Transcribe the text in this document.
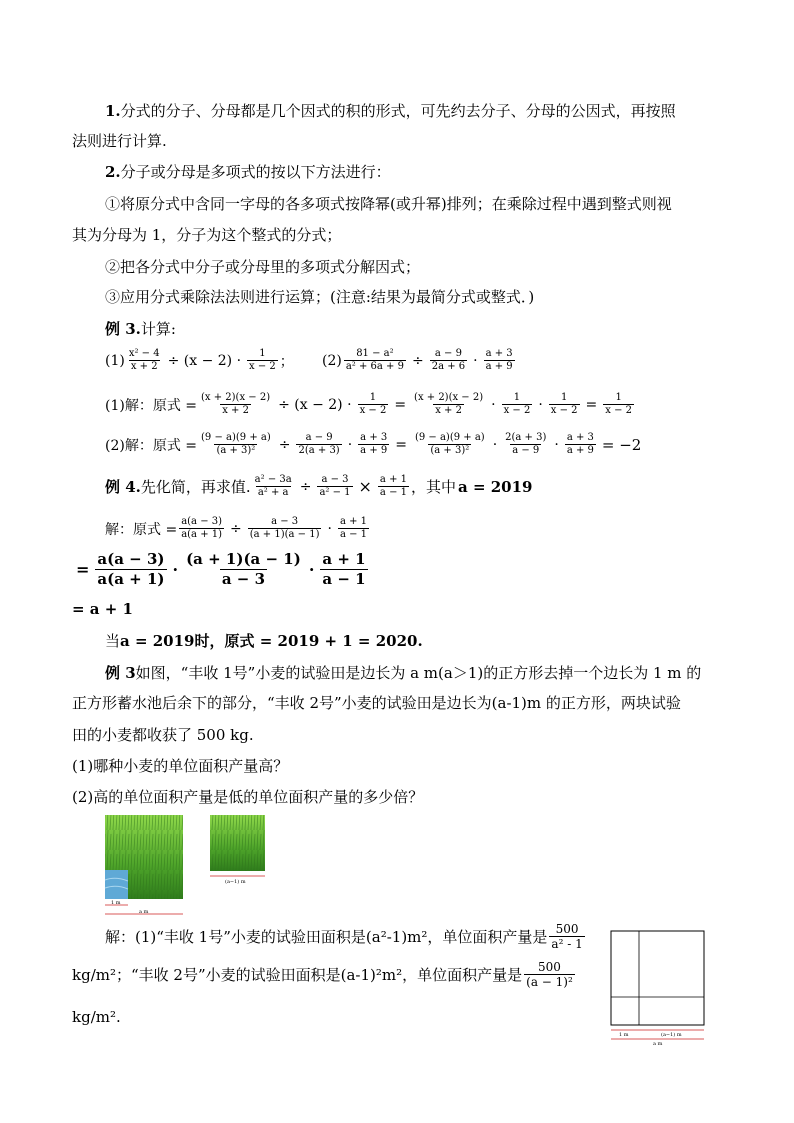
1.分式的分子、分母都是几个因式的积的形式，可先约去分子、分母的公因式，再按照
法则进行计算.
2.分子或分母是多项式的按以下方法进行：
①将原分式中含同一字母的各多项式按降幂(或升幂)排列；在乘除过程中遇到整式则视
其为分母为 1，分子为这个整式的分式；
②把各分式中分子或分母里的多项式分解因式；
③应用分式乘除法法则进行运算；(注意:结果为最简分式或整式．)
例 3.计算:
$(1) \frac{\text{x² − 4}}{x + 2} \div (x - 2) \cdot \frac{1}{x - 2}$ ； $(2) \frac{\text{81 − a²}}{\text{a² + 6a + 9}} \div \frac{a - 9}{2a + 6} \cdot \frac{a + 3}{a + 9}$
(1)解：原式 = $\frac{(x + 2)(x - 2)}{x + 2} \div (x - 2) \cdot \frac{1}{x - 2} = \frac{(x + 2)(x - 2)}{x + 2} \cdot \frac{1}{x - 2} \cdot \frac{1}{x - 2} = \frac{1}{x - 2}$
(2)解：原式 = $\frac{(9 - a)(9 + a)}{\text{(a + 3)²}} \div \frac{a - 9}{2(a + 3)} \cdot \frac{a + 3}{a + 9} = \frac{(9 - a)(9 + a)}{\text{(a + 3)²}} \cdot \frac{2(a + 3)}{a - 9} \cdot \frac{a + 3}{a + 9} = -2$
例 4. 先化简，再求值. $\frac{\text{a² − 3a}}{\text{a² + a}} \div \frac{a - 3}{\text{a² − 1}} \times \frac{a + 1}{a - 1}$ ，其中 a = 2019
解：原式 = $\frac{a(a - 3)}{a(a + 1)} \div \frac{a - 3}{(a + 1)(a - 1)} \cdot \frac{a + 1}{a - 1}$
= $\frac{a(a - 3)}{a(a + 1)} \cdot \frac{(a + 1)(a - 1)}{a - 3} \cdot \frac{a + 1}{a - 1}$
= a + 1
当a = 2019时，原式 = 2019 + 1 = 2020.
例 3如图，“丰收 1号”小麦的试验田是边长为 a m(a＞1)的正方形去掉一个边长为 1 m 的
正方形蓄水池后余下的部分，“丰收 2号”小麦的试验田是边长为(a-1)m 的正方形，两块试验
田的小麦都收获了 500 kg.
(1)哪种小麦的单位面积产量高？
(2)高的单位面积产量是低的单位面积产量的多少倍？
1 m
a m
(a−1) m
解：(1)“丰收 1号”小麦的试验田面积是(a²-1)m²，单位面积产量是 $\frac{500}{\text{a² - 1}}$
kg/m²；“丰收 2号”小麦的试验田面积是(a-1)²m²，单位面积产量是 $\frac{500}{\text{(a − 1)²}}$
kg/m².
1 m	(a−1) m
a m
